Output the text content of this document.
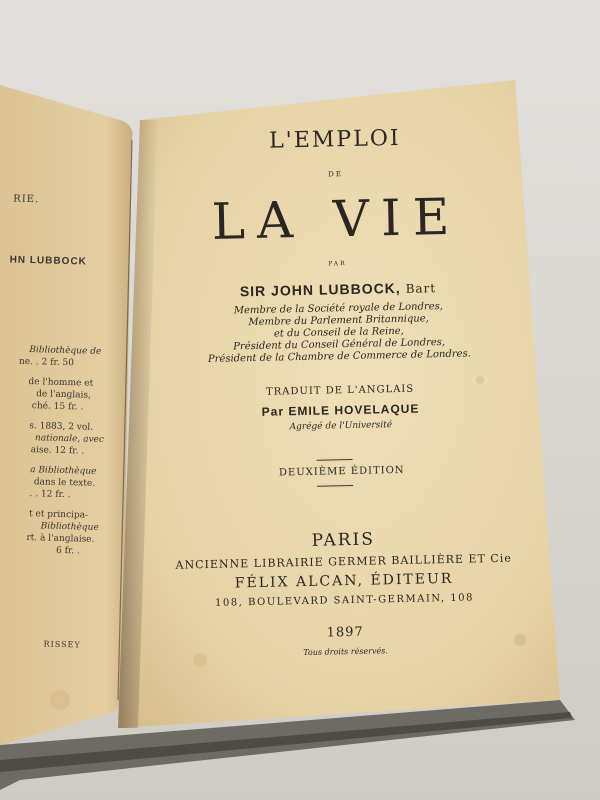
RIE.
HN LUBBOCK
Bibliothèque de
ne. . 2 fr. 50
de l'homme et
de l'anglais,
ché. 15 fr. .
s. 1883, 2 vol.
nationale, avec
aise. 12 fr. .
a Bibliothèque
dans le texte.
. . 12 fr. .
t et principa-
Bibliothèque
rt. à l'anglaise.
6 fr. .
RISSEY
L'EMPLOI
DE
LA VIE
PAR
SIR JOHN LUBBOCK, Bart
Membre de la Société royale de Londres,
Membre du Parlement Britannique,
et du Conseil de la Reine,
Président du Conseil Général de Londres,
Président de la Chambre de Commerce de Londres.
TRADUIT DE L'ANGLAIS
Par EMILE HOVELAQUE
Agrégé de l'Université
DEUXIÈME ÉDITION
PARIS
ANCIENNE LIBRAIRIE GERMER BAILLIÈRE ET Cie
FÉLIX ALCAN, ÉDITEUR
108, BOULEVARD SAINT-GERMAIN, 108
1897
Tous droits réservés.
